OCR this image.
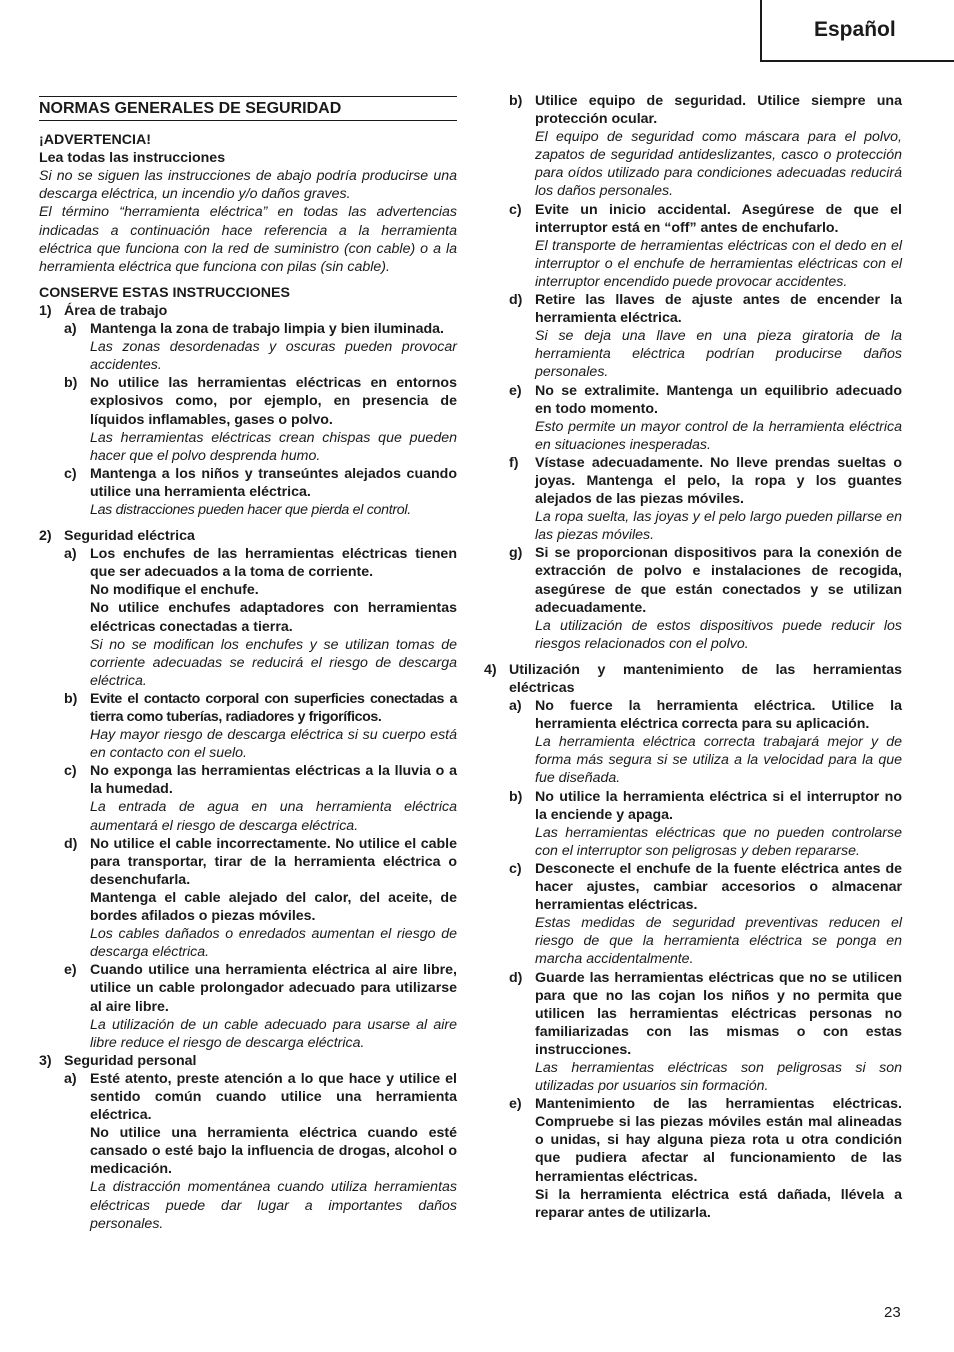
Español
NORMAS GENERALES DE SEGURIDAD
¡ADVERTENCIA!
Lea todas las instrucciones
Si no se siguen las instrucciones de abajo podría producirse una descarga eléctrica, un incendio y/o daños graves.
El término “herramienta eléctrica” en todas las advertencias indicadas a continuación hace referencia a la herramienta eléctrica que funciona con la red de suministro (con cable) o a la herramienta eléctrica que funciona con pilas (sin cable).
CONSERVE ESTAS INSTRUCCIONES
1) Área de trabajo
a) Mantenga la zona de trabajo limpia y bien iluminada.
Las zonas desordenadas y oscuras pueden provocar accidentes.
b) No utilice las herramientas eléctricas en entornos explosivos como, por ejemplo, en presencia de líquidos inflamables, gases o polvo.
Las herramientas eléctricas crean chispas que pueden hacer que el polvo desprenda humo.
c) Mantenga a los niños y transeúntes alejados cuando utilice una herramienta eléctrica.
Las distracciones pueden hacer que pierda el control.
2) Seguridad eléctrica
a) Los enchufes de las herramientas eléctricas tienen que ser adecuados a la toma de corriente.
No modifique el enchufe.
No utilice enchufes adaptadores con herramientas eléctricas conectadas a tierra.
Si no se modifican los enchufes y se utilizan tomas de corriente adecuadas se reducirá el riesgo de descarga eléctrica.
b) Evite el contacto corporal con superficies conectadas a tierra como tuberías, radiadores y frigoríficos.
Hay mayor riesgo de descarga eléctrica si su cuerpo está en contacto con el suelo.
c) No exponga las herramientas eléctricas a la lluvia o a la humedad.
La entrada de agua en una herramienta eléctrica aumentará el riesgo de descarga eléctrica.
d) No utilice el cable incorrectamente. No utilice el cable para transportar, tirar de la herramienta eléctrica o desenchufarla.
Mantenga el cable alejado del calor, del aceite, de bordes afilados o piezas móviles.
Los cables dañados o enredados aumentan el riesgo de descarga eléctrica.
e) Cuando utilice una herramienta eléctrica al aire libre, utilice un cable prolongador adecuado para utilizarse al aire libre.
La utilización de un cable adecuado para usarse al aire libre reduce el riesgo de descarga eléctrica.
3) Seguridad personal
a) Esté atento, preste atención a lo que hace y utilice el sentido común cuando utilice una herramienta eléctrica.
No utilice una herramienta eléctrica cuando esté cansado o esté bajo la influencia de drogas, alcohol o medicación.
La distracción momentánea cuando utiliza herramientas eléctricas puede dar lugar a importantes daños personales.
b) Utilice equipo de seguridad. Utilice siempre una protección ocular.
El equipo de seguridad como máscara para el polvo, zapatos de seguridad antideslizantes, casco o protección para oídos utilizado para condiciones adecuadas reducirá los daños personales.
c) Evite un inicio accidental. Asegúrese de que el interruptor está en “off” antes de enchufarlo.
El transporte de herramientas eléctricas con el dedo en el interruptor o el enchufe de herramientas eléctricas con el interruptor encendido puede provocar accidentes.
d) Retire las llaves de ajuste antes de encender la herramienta eléctrica.
Si se deja una llave en una pieza giratoria de la herramienta eléctrica podrían producirse daños personales.
e) No se extralimite. Mantenga un equilibrio adecuado en todo momento.
Esto permite un mayor control de la herramienta eléctrica en situaciones inesperadas.
f)	Vístase adecuadamente. No lleve prendas sueltas o joyas. Mantenga el pelo, la ropa y los guantes alejados de las piezas móviles.
La ropa suelta, las joyas y el pelo largo pueden pillarse en las piezas móviles.
g) Si se proporcionan dispositivos para la conexión de extracción de polvo e instalaciones de recogida, asegúrese de que están conectados y se utilizan adecuadamente.
La utilización de estos dispositivos puede reducir los riesgos relacionados con el polvo.
4) Utilización y mantenimiento de las herramientas eléctricas
a) No fuerce la herramienta eléctrica. Utilice la herramienta eléctrica correcta para su aplicación.
La herramienta eléctrica correcta trabajará mejor y de forma más segura si se utiliza a la velocidad para la que fue diseñada.
b) No utilice la herramienta eléctrica si el interruptor no la enciende y apaga.
Las herramientas eléctricas que no pueden controlarse con el interruptor son peligrosas y deben repararse.
c) Desconecte el enchufe de la fuente eléctrica antes de hacer ajustes, cambiar accesorios o almacenar herramientas eléctricas.
Estas medidas de seguridad preventivas reducen el riesgo de que la herramienta eléctrica se ponga en marcha accidentalmente.
d) Guarde las herramientas eléctricas que no se utilicen para que no las cojan los niños y no permita que utilicen las herramientas eléctricas personas no familiarizadas con las mismas o con estas instrucciones.
Las herramientas eléctricas son peligrosas si son utilizadas por usuarios sin formación.
e) Mantenimiento de las herramientas eléctricas. Compruebe si las piezas móviles están mal alineadas o unidas, si hay alguna pieza rota u otra condición que pudiera afectar al funcionamiento de las herramientas eléctricas.
Si la herramienta eléctrica está dañada, llévela a reparar antes de utilizarla.
23
